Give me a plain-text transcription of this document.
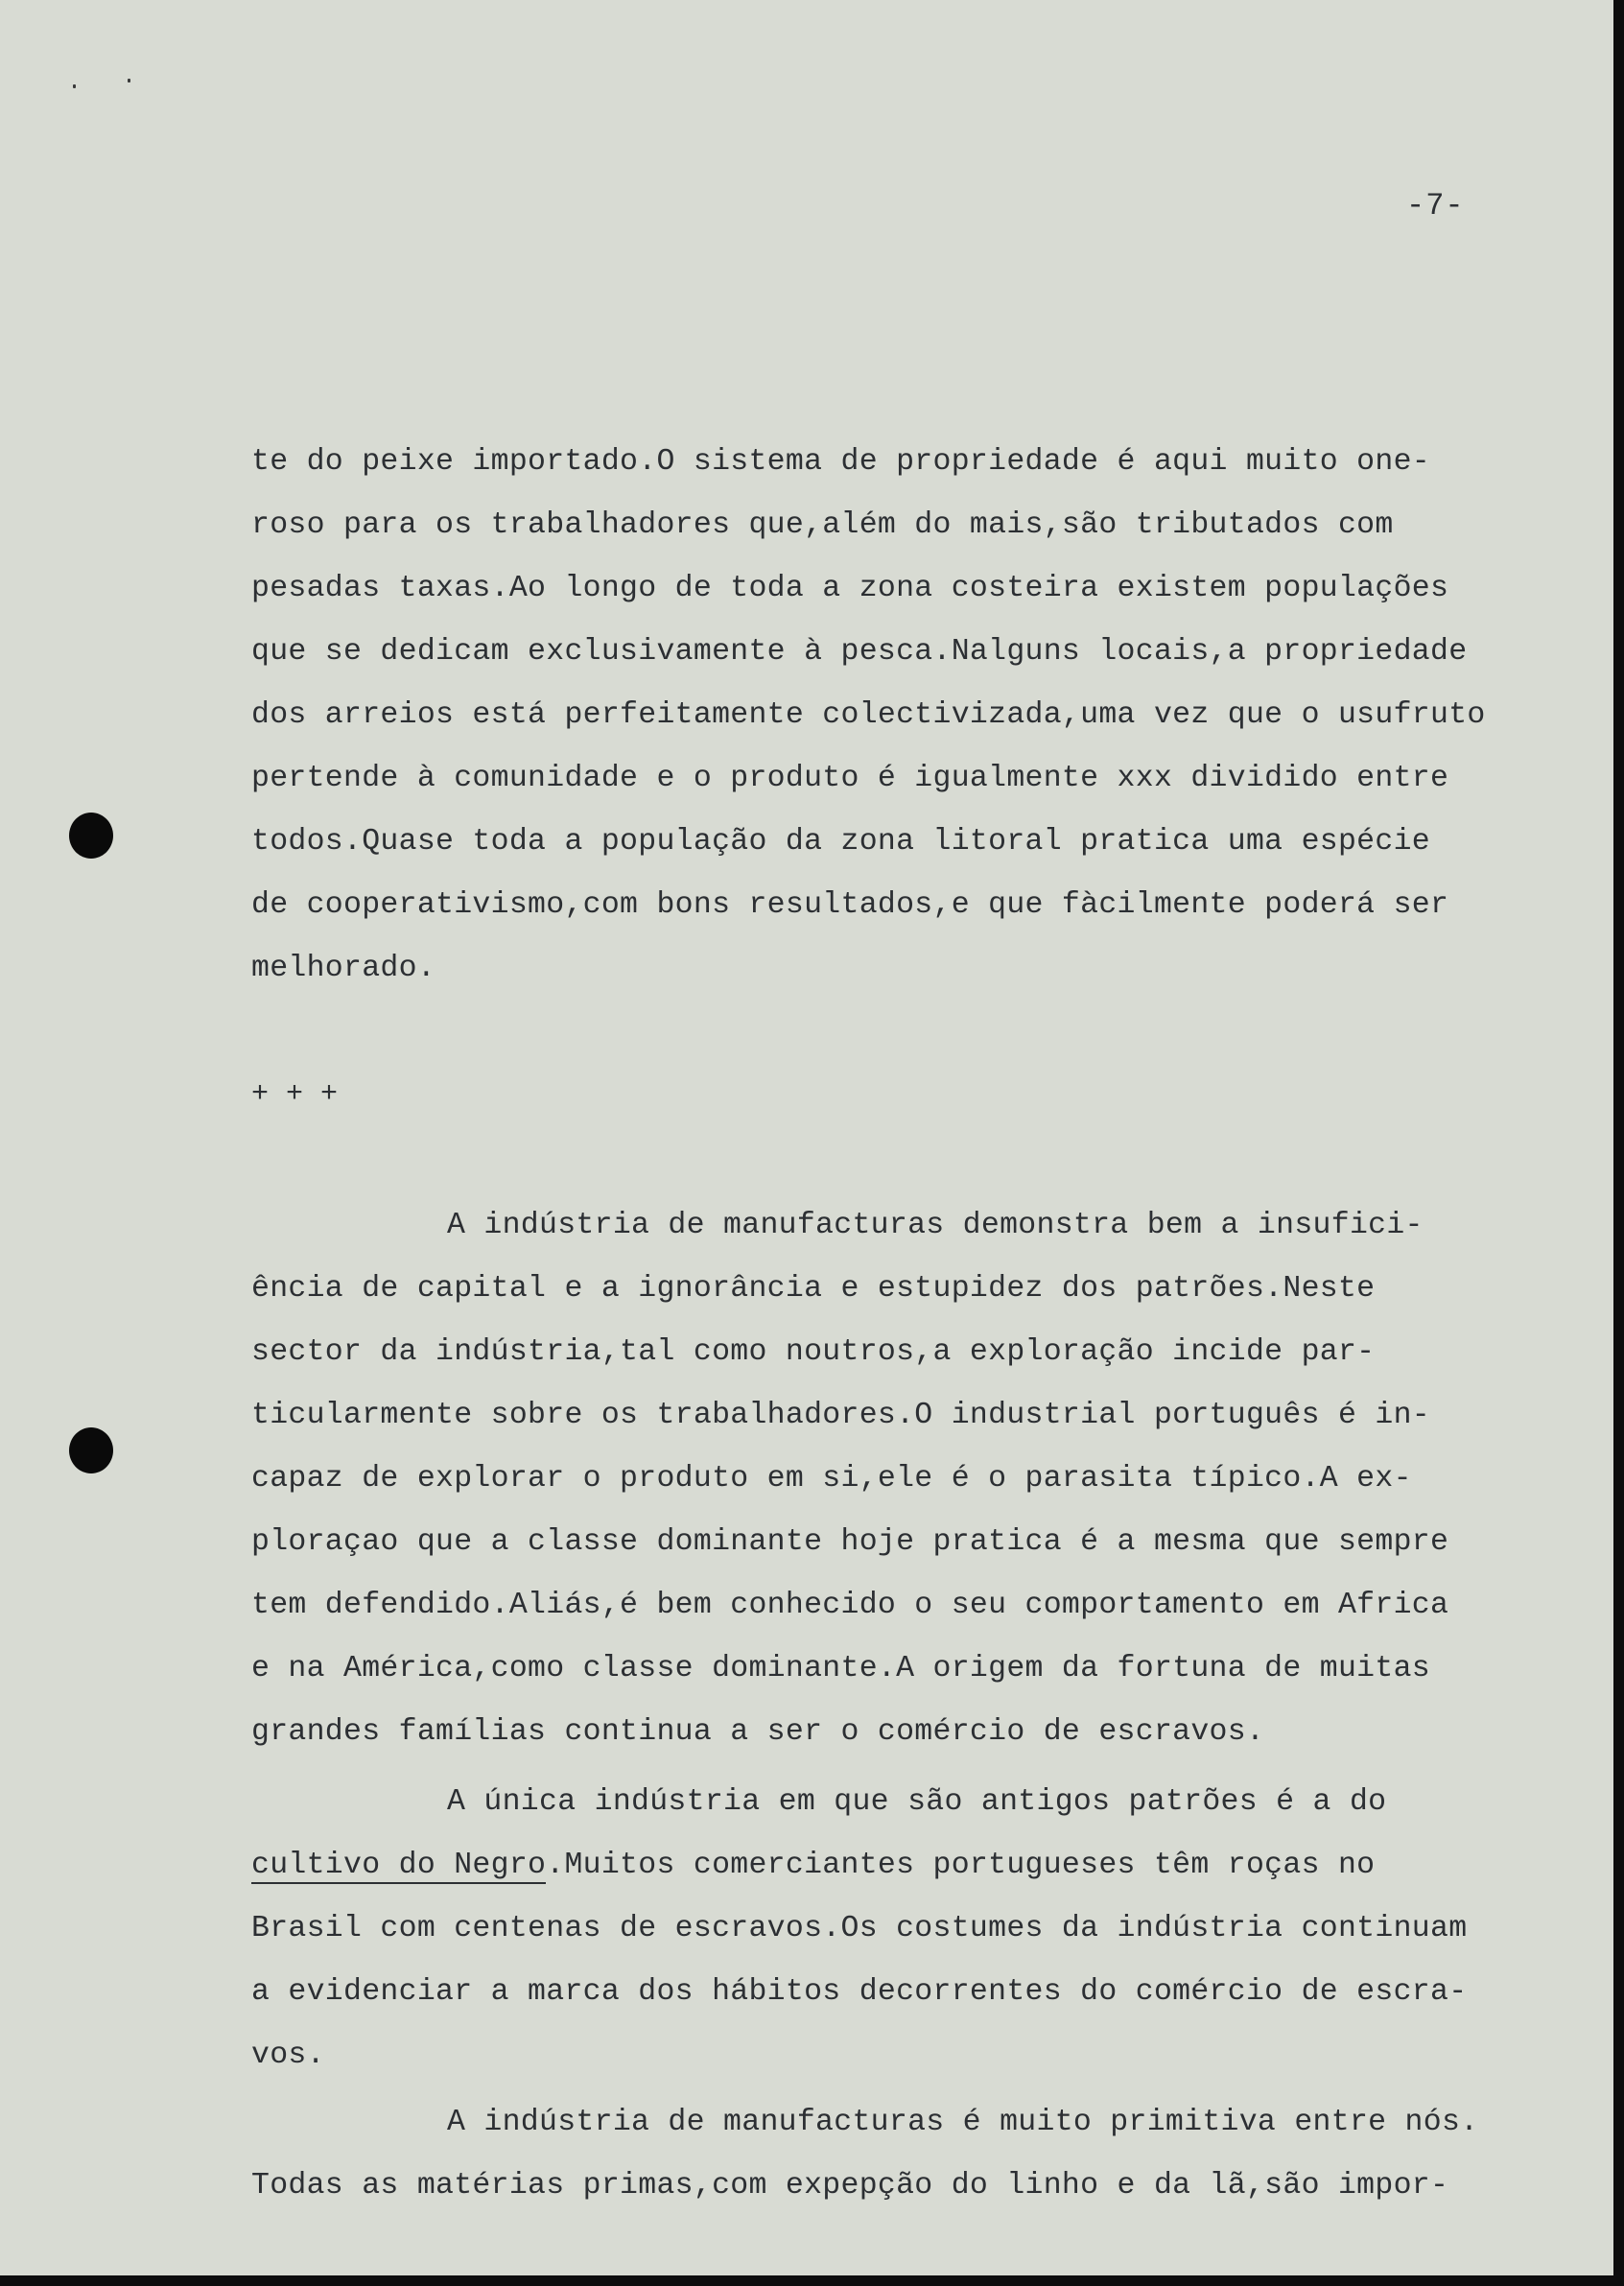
-7-
te do peixe importado.O sistema de propriedade é aqui muito one-
roso para os trabalhadores que,além do mais,são tributados com
pesadas taxas.Ao longo de toda a zona costeira existem populações
que se dedicam exclusivamente à pesca.Nalguns locais,a propriedade
dos arreios está perfeitamente colectivizada,uma vez que o usufruto
pertende à comunidade e o produto é igualmente xxx dividido entre
todos.Quase toda a população da zona litoral pratica uma espécie
de cooperativismo,com bons resultados,e que fàcilmente poderá ser
melhorado.
+ + +
A indústria de manufacturas demonstra bem a insufici-
ência de capital e a ignorância e estupidez dos patrões.Neste
sector da indústria,tal como noutros,a exploração incide par-
ticularmente sobre os trabalhadores.O industrial português é in-
capaz de explorar o produto em si,ele é o parasita típico.A ex-
ploraçao que a classe dominante hoje pratica é a mesma que sempre
tem defendido.Aliás,é bem conhecido o seu comportamento em Africa
e na América,como classe dominante.A origem da fortuna de muitas
grandes famílias continua a ser o comércio de escravos.
A única indústria em que são antigos patrões é a do
cultivo do Negro.Muitos comerciantes portugueses têm roças no
Brasil com centenas de escravos.Os costumes da indústria continuam
a evidenciar a marca dos hábitos decorrentes do comércio de escra-
vos.
A indústria de manufacturas é muito primitiva entre nós.
Todas as matérias primas,com expepção do linho e da lã,são impor-
